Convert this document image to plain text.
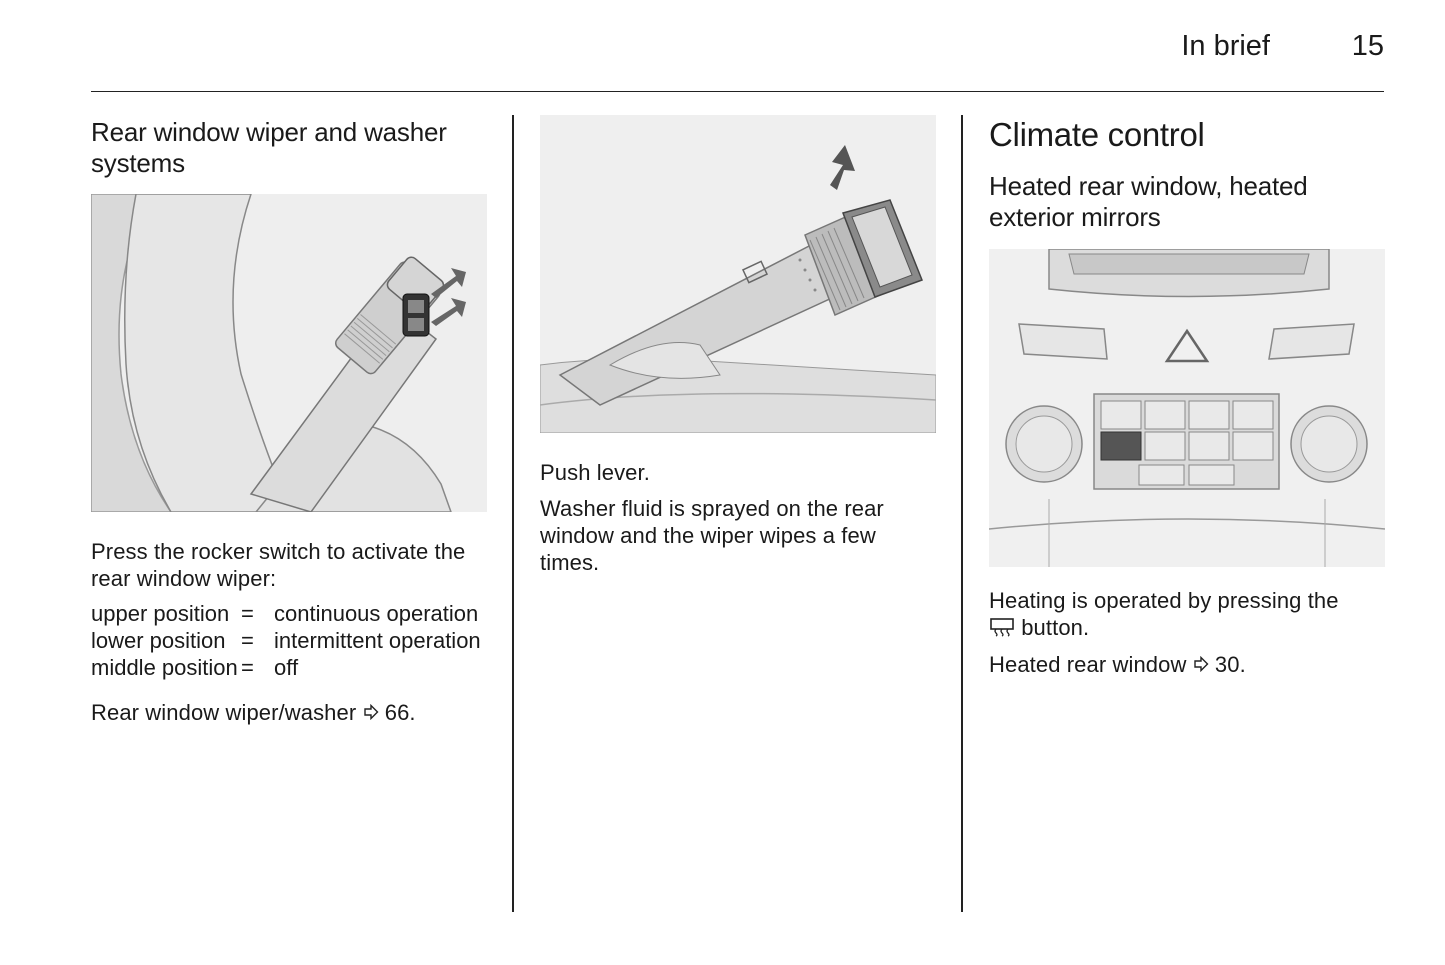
In brief	15
Rear window wiper and washer systems

Press the rocker switch to activate the rear window wiper:

upper position	=	continuous operation
lower position	=	intermittent operation
middle position	=	off

Rear window wiper/washer 66.

Push lever.

Washer fluid is sprayed on the rear window and the wiper wipes a few times.

Climate control
Heated rear window, heated exterior mirrors

Heating is operated by pressing the
button.

Heated rear window 30.
